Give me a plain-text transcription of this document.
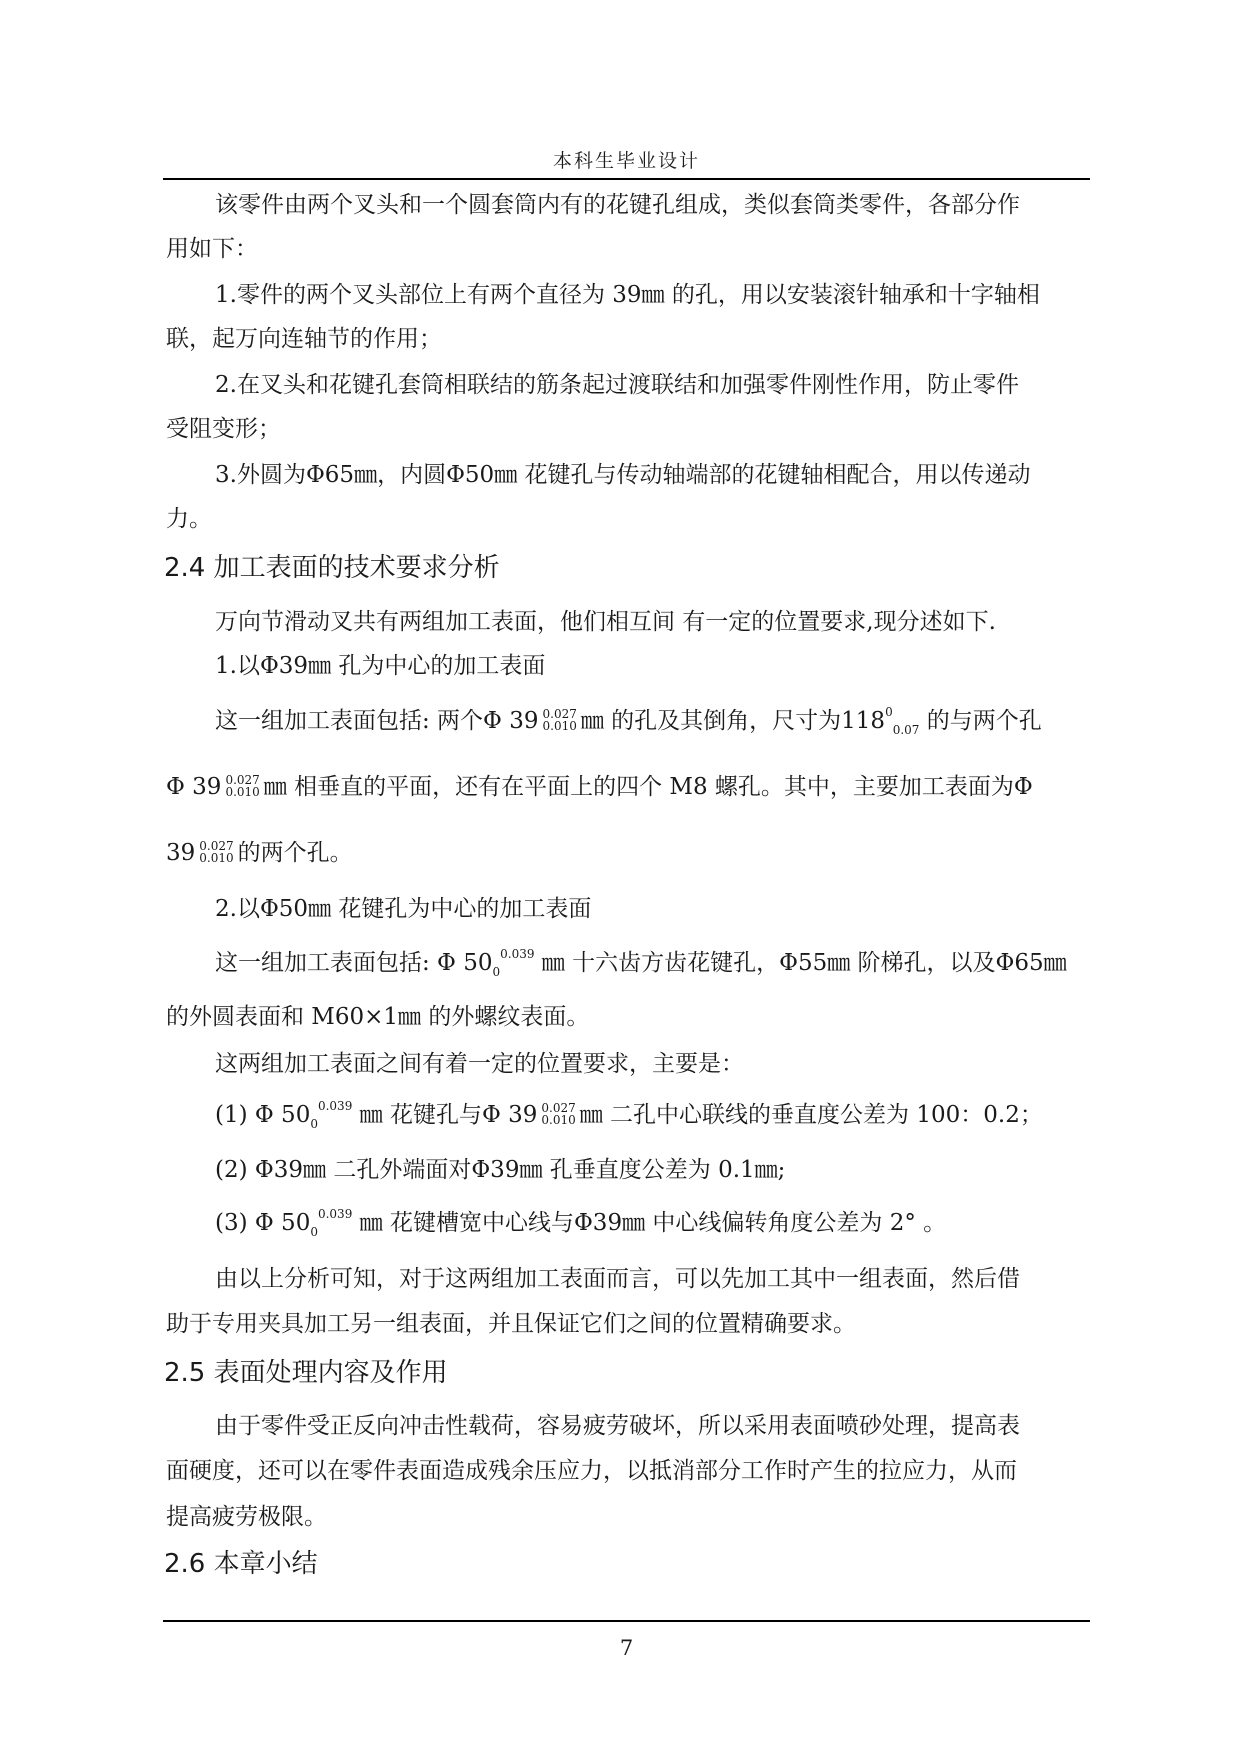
本科生毕业设计
该零件由两个叉头和一个圆套筒内有的花键孔组成，类似套筒类零件，各部分作
用如下：
1.零件的两个叉头部位上有两个直径为 39㎜ 的孔，用以安装滚针轴承和十字轴相
联，起万向连轴节的作用；
2.在叉头和花键孔套筒相联结的筋条起过渡联结和加强零件刚性作用，防止零件
受阻变形；
3.外圆为Φ65㎜，内圆Φ50㎜ 花键孔与传动轴端部的花键轴相配合，用以传递动
力。
2.4 加工表面的技术要求分析
万向节滑动叉共有两组加工表面，他们相互间 有一定的位置要求,现分述如下.
1.以Φ39㎜ 孔为中心的加工表面
这一组加工表面包括: 两个Φ 39 0.027
0.010 ㎜ 的孔及其倒角，尺寸为$118^0_{0.07}$ 的与两个孔
Φ 39 0.027
0.010 ㎜ 相垂直的平面，还有在平面上的四个 M8 螺孔。其中，主要加工表面为Φ
39 0.027
0.010 的两个孔。
2.以Φ50㎜ 花键孔为中心的加工表面
这一组加工表面包括: Φ $50_0^{0.039}$ ㎜ 十六齿方齿花键孔，Φ55㎜ 阶梯孔，以及Φ65㎜
的外圆表面和 M60×1㎜ 的外螺纹表面。
这两组加工表面之间有着一定的位置要求，主要是：
(1) Φ $50_0^{0.039}$ ㎜ 花键孔与Φ 39 0.027
0.010 ㎜ 二孔中心联线的垂直度公差为 100：0.2；
(2) Φ39㎜ 二孔外端面对Φ39㎜ 孔垂直度公差为 0.1㎜;
(3) Φ $50_0^{0.039}$ ㎜ 花键槽宽中心线与Φ39㎜ 中心线偏转角度公差为 2° 。
由以上分析可知，对于这两组加工表面而言，可以先加工其中一组表面，然后借
助于专用夹具加工另一组表面，并且保证它们之间的位置精确要求。
2.5 表面处理内容及作用
由于零件受正反向冲击性载荷，容易疲劳破坏，所以采用表面喷砂处理，提高表
面硬度，还可以在零件表面造成残余压应力，以抵消部分工作时产生的拉应力，从而
提高疲劳极限。
2.6 本章小结
7
